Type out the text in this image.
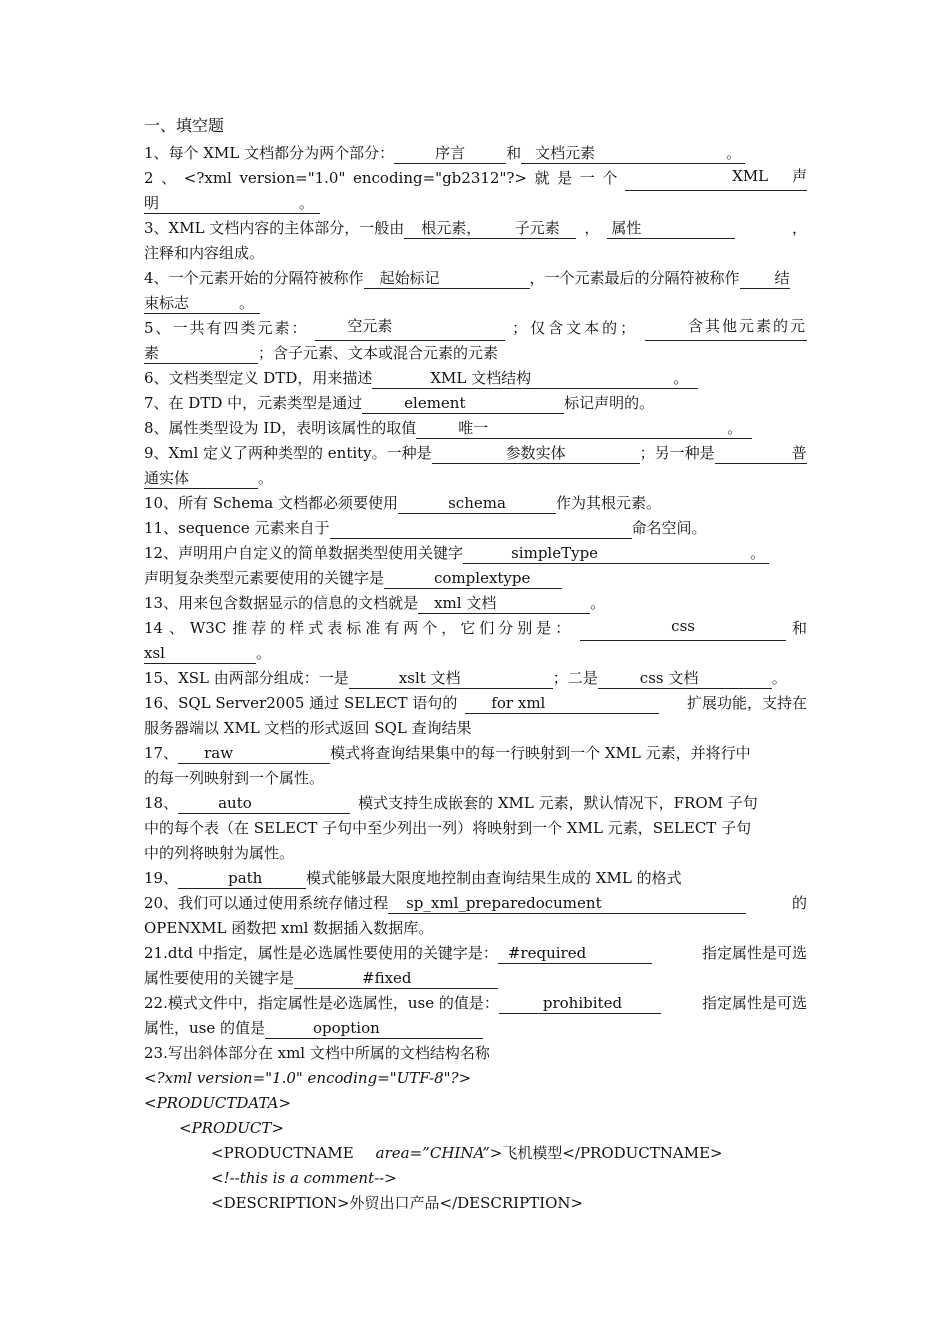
一、填空题
1、每个 XML 文档都分为两个部分：	序言	和 文档元素	。
2 、 <?xml version="1.0" encoding="gb2312"?> 就 是 一 个	XML 声
明	。
3、XML 文档内容的主体部分，一般由 根元素， 子元素 ， 属性	，
注释和内容组成。
4、一个元素开始的分隔符被称作 起始标记	，一个元素最后的分隔符被称作 结
束标志	。
5、一共有四类元素：	空元素	；仅含文本的；	含其他元素的元
素	；含子元素、文本或混合元素的元素
6、文档类型定义 DTD，用来描述	XML 文档结构	。
7、在 DTD 中，元素类型是通过	element	标记声明的。
8、属性类型设为 ID，表明该属性的取值	唯一	。
9、Xml 定义了两种类型的 entity。一种是	参数实体	；另一种是	普
通实体	。
10、所有 Schema 文档都必须要使用	schema	作为其根元素。
11、sequence 元素来自于	命名空间。
12、声明用户自定义的简单数据类型使用关键字	simpleType	。
声明复杂类型元素要使用的关键字是	complextype
13、用来包含数据显示的信息的文档就是 xml 文档	。
14 、 W3C 推荐的样式表标准有两个，它们分别是：	css	和
xsl	。
15、XSL 由两部分组成：一是	xslt 文档	；二是	css 文档	。
16、SQL Server2005 通过 SELECT 语句的 for xml	扩展功能，支持在
服务器端以 XML 文档的形式返回 SQL 查询结果
17、 raw	模式将查询结果集中的每一行映射到一个 XML 元素，并将行中
的每一列映射到一个属性。
18、	auto	模式支持生成嵌套的 XML 元素，默认情况下，FROM 子句
中的每个表（在 SELECT 子句中至少列出一列）将映射到一个 XML 元素，SELECT 子句
中的列将映射为属性。
19、	path	模式能够最大限度地控制由查询结果生成的 XML 的格式
20、我们可以通过使用系统存储过程 sp_xml_preparedocument	的
OPENXML 函数把 xml 数据插入数据库。
21.dtd 中指定，属性是必选属性要使用的关键字是： #required	指定属性是可选
属性要使用的关键字是	#fixed
22.模式文件中，指定属性是必选属性，use 的值是：	prohibited	指定属性是可选
属性，use 的值是	opoption
23.写出斜体部分在 xml 文档中所属的文档结构名称
<?xml version="1.0" encoding="UTF-8"?>
<PRODUCTDATA>
<PRODUCT>
<PRODUCTNAME area=”CHINA”>飞机模型</PRODUCTNAME>
<!--this is a comment-->
<DESCRIPTION>外贸出口产品</DESCRIPTION>
